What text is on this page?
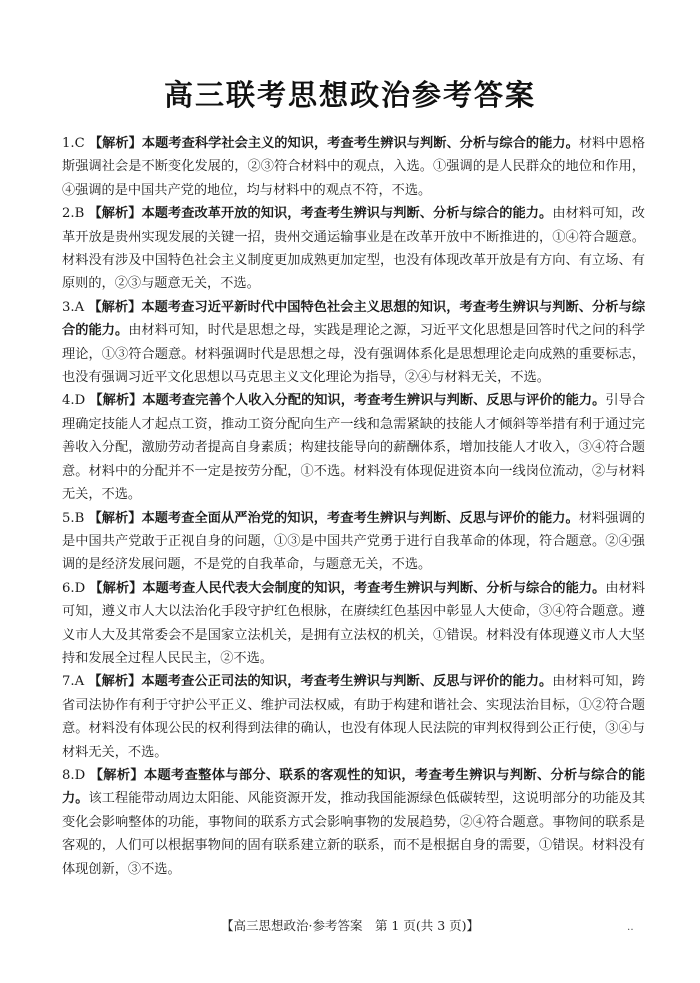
高三联考思想政治参考答案
1.C 【解析】本题考查科学社会主义的知识，考查考生辨识与判断、分析与综合的能力。材料中恩格斯强调社会是不断变化发展的，②③符合材料中的观点，入选。①强调的是人民群众的地位和作用，④强调的是中国共产党的地位，均与材料中的观点不符，不选。
2.B 【解析】本题考查改革开放的知识，考查考生辨识与判断、分析与综合的能力。由材料可知，改革开放是贵州实现发展的关键一招，贵州交通运输事业是在改革开放中不断推进的，①④符合题意。材料没有涉及中国特色社会主义制度更加成熟更加定型，也没有体现改革开放是有方向、有立场、有原则的，②③与题意无关，不选。
3.A 【解析】本题考查习近平新时代中国特色社会主义思想的知识，考查考生辨识与判断、分析与综合的能力。由材料可知，时代是思想之母，实践是理论之源，习近平文化思想是回答时代之问的科学理论，①③符合题意。材料强调时代是思想之母，没有强调体系化是思想理论走向成熟的重要标志，也没有强调习近平文化思想以马克思主义文化理论为指导，②④与材料无关，不选。
4.D 【解析】本题考查完善个人收入分配的知识，考查考生辨识与判断、反思与评价的能力。引导合理确定技能人才起点工资，推动工资分配向生产一线和急需紧缺的技能人才倾斜等举措有利于通过完善收入分配，激励劳动者提高自身素质；构建技能导向的薪酬体系，增加技能人才收入，③④符合题意。材料中的分配并不一定是按劳分配，①不选。材料没有体现促进资本向一线岗位流动，②与材料无关，不选。
5.B 【解析】本题考查全面从严治党的知识，考查考生辨识与判断、反思与评价的能力。材料强调的是中国共产党敢于正视自身的问题，①③是中国共产党勇于进行自我革命的体现，符合题意。②④强调的是经济发展问题，不是党的自我革命，与题意无关，不选。
6.D 【解析】本题考查人民代表大会制度的知识，考查考生辨识与判断、分析与综合的能力。由材料可知，遵义市人大以法治化手段守护红色根脉，在赓续红色基因中彰显人大使命，③④符合题意。遵义市人大及其常委会不是国家立法机关，是拥有立法权的机关，①错误。材料没有体现遵义市人大坚持和发展全过程人民民主，②不选。
7.A 【解析】本题考查公正司法的知识，考查考生辨识与判断、反思与评价的能力。由材料可知，跨省司法协作有利于守护公平正义、维护司法权威，有助于构建和谐社会、实现法治目标，①②符合题意。材料没有体现公民的权利得到法律的确认，也没有体现人民法院的审判权得到公正行使，③④与材料无关，不选。
8.D 【解析】本题考查整体与部分、联系的客观性的知识，考查考生辨识与判断、分析与综合的能力。该工程能带动周边太阳能、风能资源开发，推动我国能源绿色低碳转型，这说明部分的功能及其变化会影响整体的功能，事物间的联系方式会影响事物的发展趋势，②④符合题意。事物间的联系是客观的，人们可以根据事物间的固有联系建立新的联系，而不是根据自身的需要，①错误。材料没有体现创新，③不选。
【高三思想政治·参考答案　第 1 页(共 3 页)】	‥
